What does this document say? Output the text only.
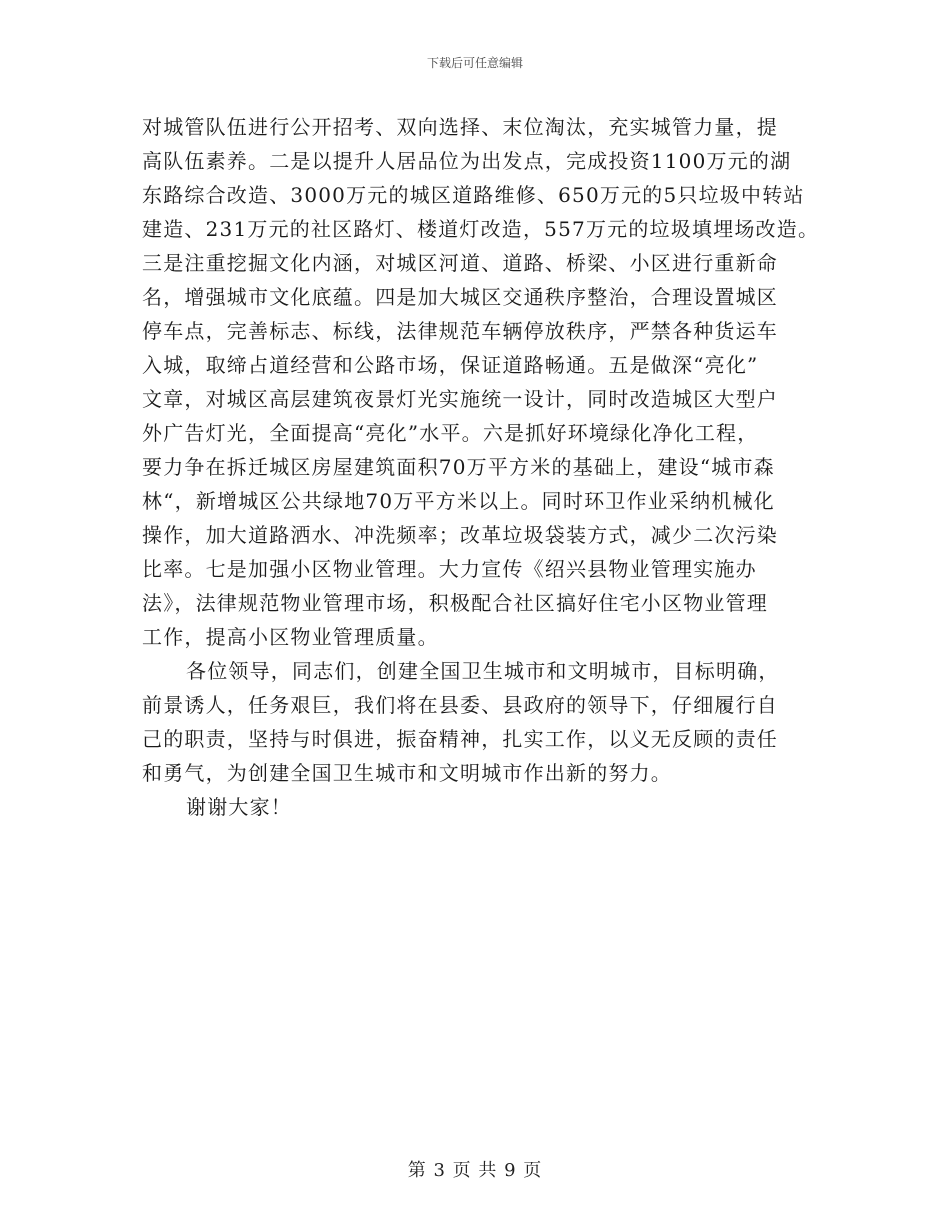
下载后可任意编辑
对城管队伍进行公开招考、双向选择、末位淘汰，充实城管力量，提
高队伍素养。二是以提升人居品位为出发点，完成投资1100万元的湖
东路综合改造、3000万元的城区道路维修、650万元的5只垃圾中转站
建造、231万元的社区路灯、楼道灯改造，557万元的垃圾填埋场改造。
三是注重挖掘文化内涵，对城区河道、道路、桥梁、小区进行重新命
名，增强城市文化底蕴。四是加大城区交通秩序整治，合理设置城区
停车点，完善标志、标线，法律规范车辆停放秩序，严禁各种货运车
入城，取缔占道经营和公路市场，保证道路畅通。五是做深“亮化”
文章，对城区高层建筑夜景灯光实施统一设计，同时改造城区大型户
外广告灯光，全面提高“亮化”水平。六是抓好环境绿化净化工程，
要力争在拆迁城区房屋建筑面积70万平方米的基础上，建设“城市森
林“，新增城区公共绿地70万平方米以上。同时环卫作业采纳机械化
操作，加大道路洒水、冲洗频率；改革垃圾袋装方式，减少二次污染
比率。七是加强小区物业管理。大力宣传《绍兴县物业管理实施办
法》，法律规范物业管理市场，积极配合社区搞好住宅小区物业管理
工作，提高小区物业管理质量。
各位领导，同志们，创建全国卫生城市和文明城市，目标明确，
前景诱人，任务艰巨，我们将在县委、县政府的领导下，仔细履行自
己的职责，坚持与时俱进，振奋精神，扎实工作，以义无反顾的责任
和勇气，为创建全国卫生城市和文明城市作出新的努力。
谢谢大家！
第 3 页 共 9 页
